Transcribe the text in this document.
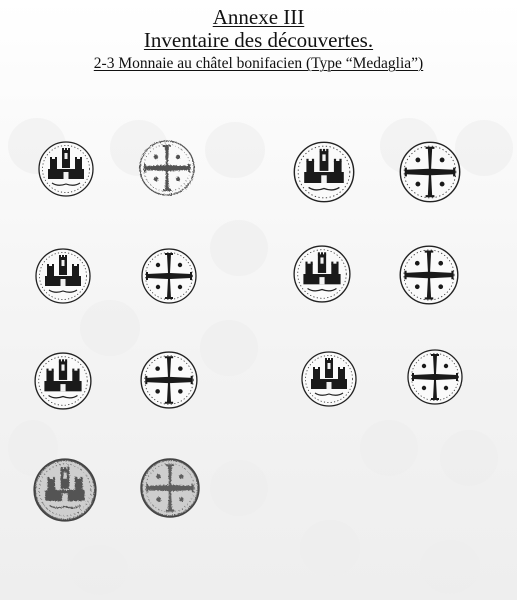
Annexe III
Inventaire des découvertes.
2-3 Monnaie au châtel bonifacien (Type “Medaglia”)
